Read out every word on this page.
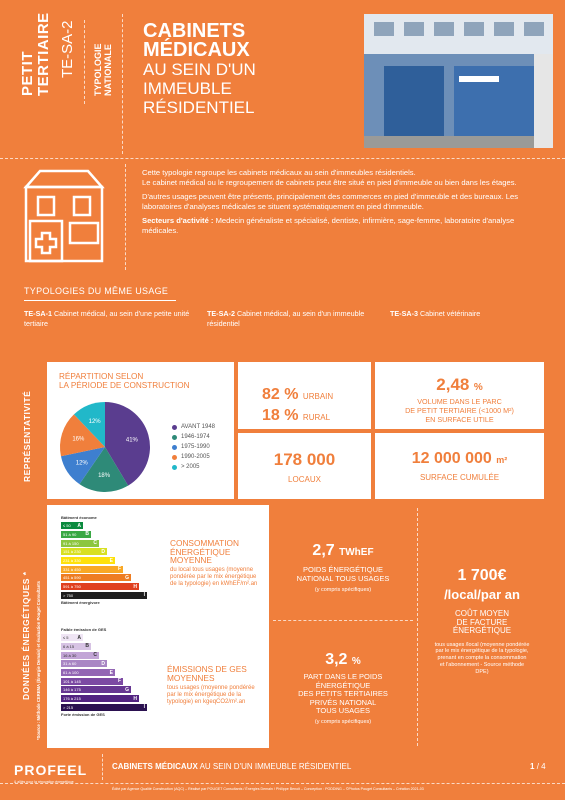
PETIT TERTIAIRE TE-SA-2 TYPOLOGIE NATIONALE
CABINETS
MÉDICAUX
AU SEIN D'UN
IMMEUBLE
RÉSIDENTIEL
Cette typologie regroupe les cabinets médicaux au sein d'immeubles résidentiels.
Le cabinet médical ou le regroupement de cabinets peut être situé en pied d'immeuble ou bien dans les étages.
D'autres usages peuvent être présents, principalement des commerces en pied d'immeuble et des bureaux. Les laboratoires d'analyses médicales se situent systématiquement en pied d'immeuble.
Secteurs d'activité : Medecin généraliste et spécialisé, dentiste, infirmière, sage-femme, laboratoire d'analyse médicales.
TYPOLOGIES DU MÊME USAGE
TE-SA-1 Cabinet médical, au sein d'une petite unité tertiaire
TE-SA-2 Cabinet médical, au sein d'un immeuble résidentiel
TE-SA-3 Cabinet vétérinaire
REPRÉSENTATIVITÉ
RÉPARTITION SELON
LA PÉRIODE DE CONSTRUCTION
41%
18%
12%
16%
12%
AVANT 1948
1946-1974
1975-1990
1990-2005
> 2005
82 % URBAIN
18 % RURAL
2,48 %
VOLUME DANS LE PARC
DE PETIT TERTIAIRE (<1000 M²)
EN SURFACE UTILE
178 000
LOCAUX
12 000 000 m²
SURFACE CUMULÉE
DONNÉES ÉNERGÉTIQUES * *Source : Méthode CEREMA (Énergie Demain) et évaluation Pouget Consultants
Bâtiment économe
≤ 50 A
51 à 90 B
91 à 150	C
151 à 230	D
231 à 330	E
331 à 450	F
451 à 590	G
591 à 750	H
> 750	I
Bâtiment énergivore
CONSOMMATION ÉNERGÉTIQUE MOYENNE
du local tous usages (moyenne pondérée par le mix énergétique de la typologie) en kWhEF/m².an
Faible émission de GES
≤ 5 A
6 à 15 B
16 à 30	C
31 à 60	D
61 à 100	E
101 à 145	F
146 à 175	G
176 à 215	H
> 215	I
Forte émission de GES
ÉMISSIONS DE GES MOYENNES
tous usages (moyenne pondérée par le mix énergétique de la typologie) en kgeqCO2/m².an
2,7 TWhEF
POIDS ÉNERGÉTIQUE
NATIONAL TOUS USAGES
(y compris spécifiques)
3,2 %
PART DANS LE POIDS
ÉNERGÉTIQUE
DES PETITS TERTIAIRES
PRIVÉS NATIONAL
TOUS USAGES
(y compris spécifiques)
1 700€
/local/par an
COÛT MOYEN
DE FACTURE
ÉNERGÉTIQUE
tous usages /local (moyenne pondérée par le mix énergétique de la typologie, prenant en compte la consommation et l'abonnement - Source méthode DPE)
PROFEEL
& alliés pour la rénovation énergétique
CABINETS MÉDICAUX AU SEIN D'UN IMMEUBLE RÉSIDENTIEL	1 / 4
Édité par Agence Qualité Construction (AQC) – Réalisé par POUGET Consultants / Énergies Demain / Philippe Benoit – Conception : PODDING – ©Photos Pouget Consultants – Création 2021-03
